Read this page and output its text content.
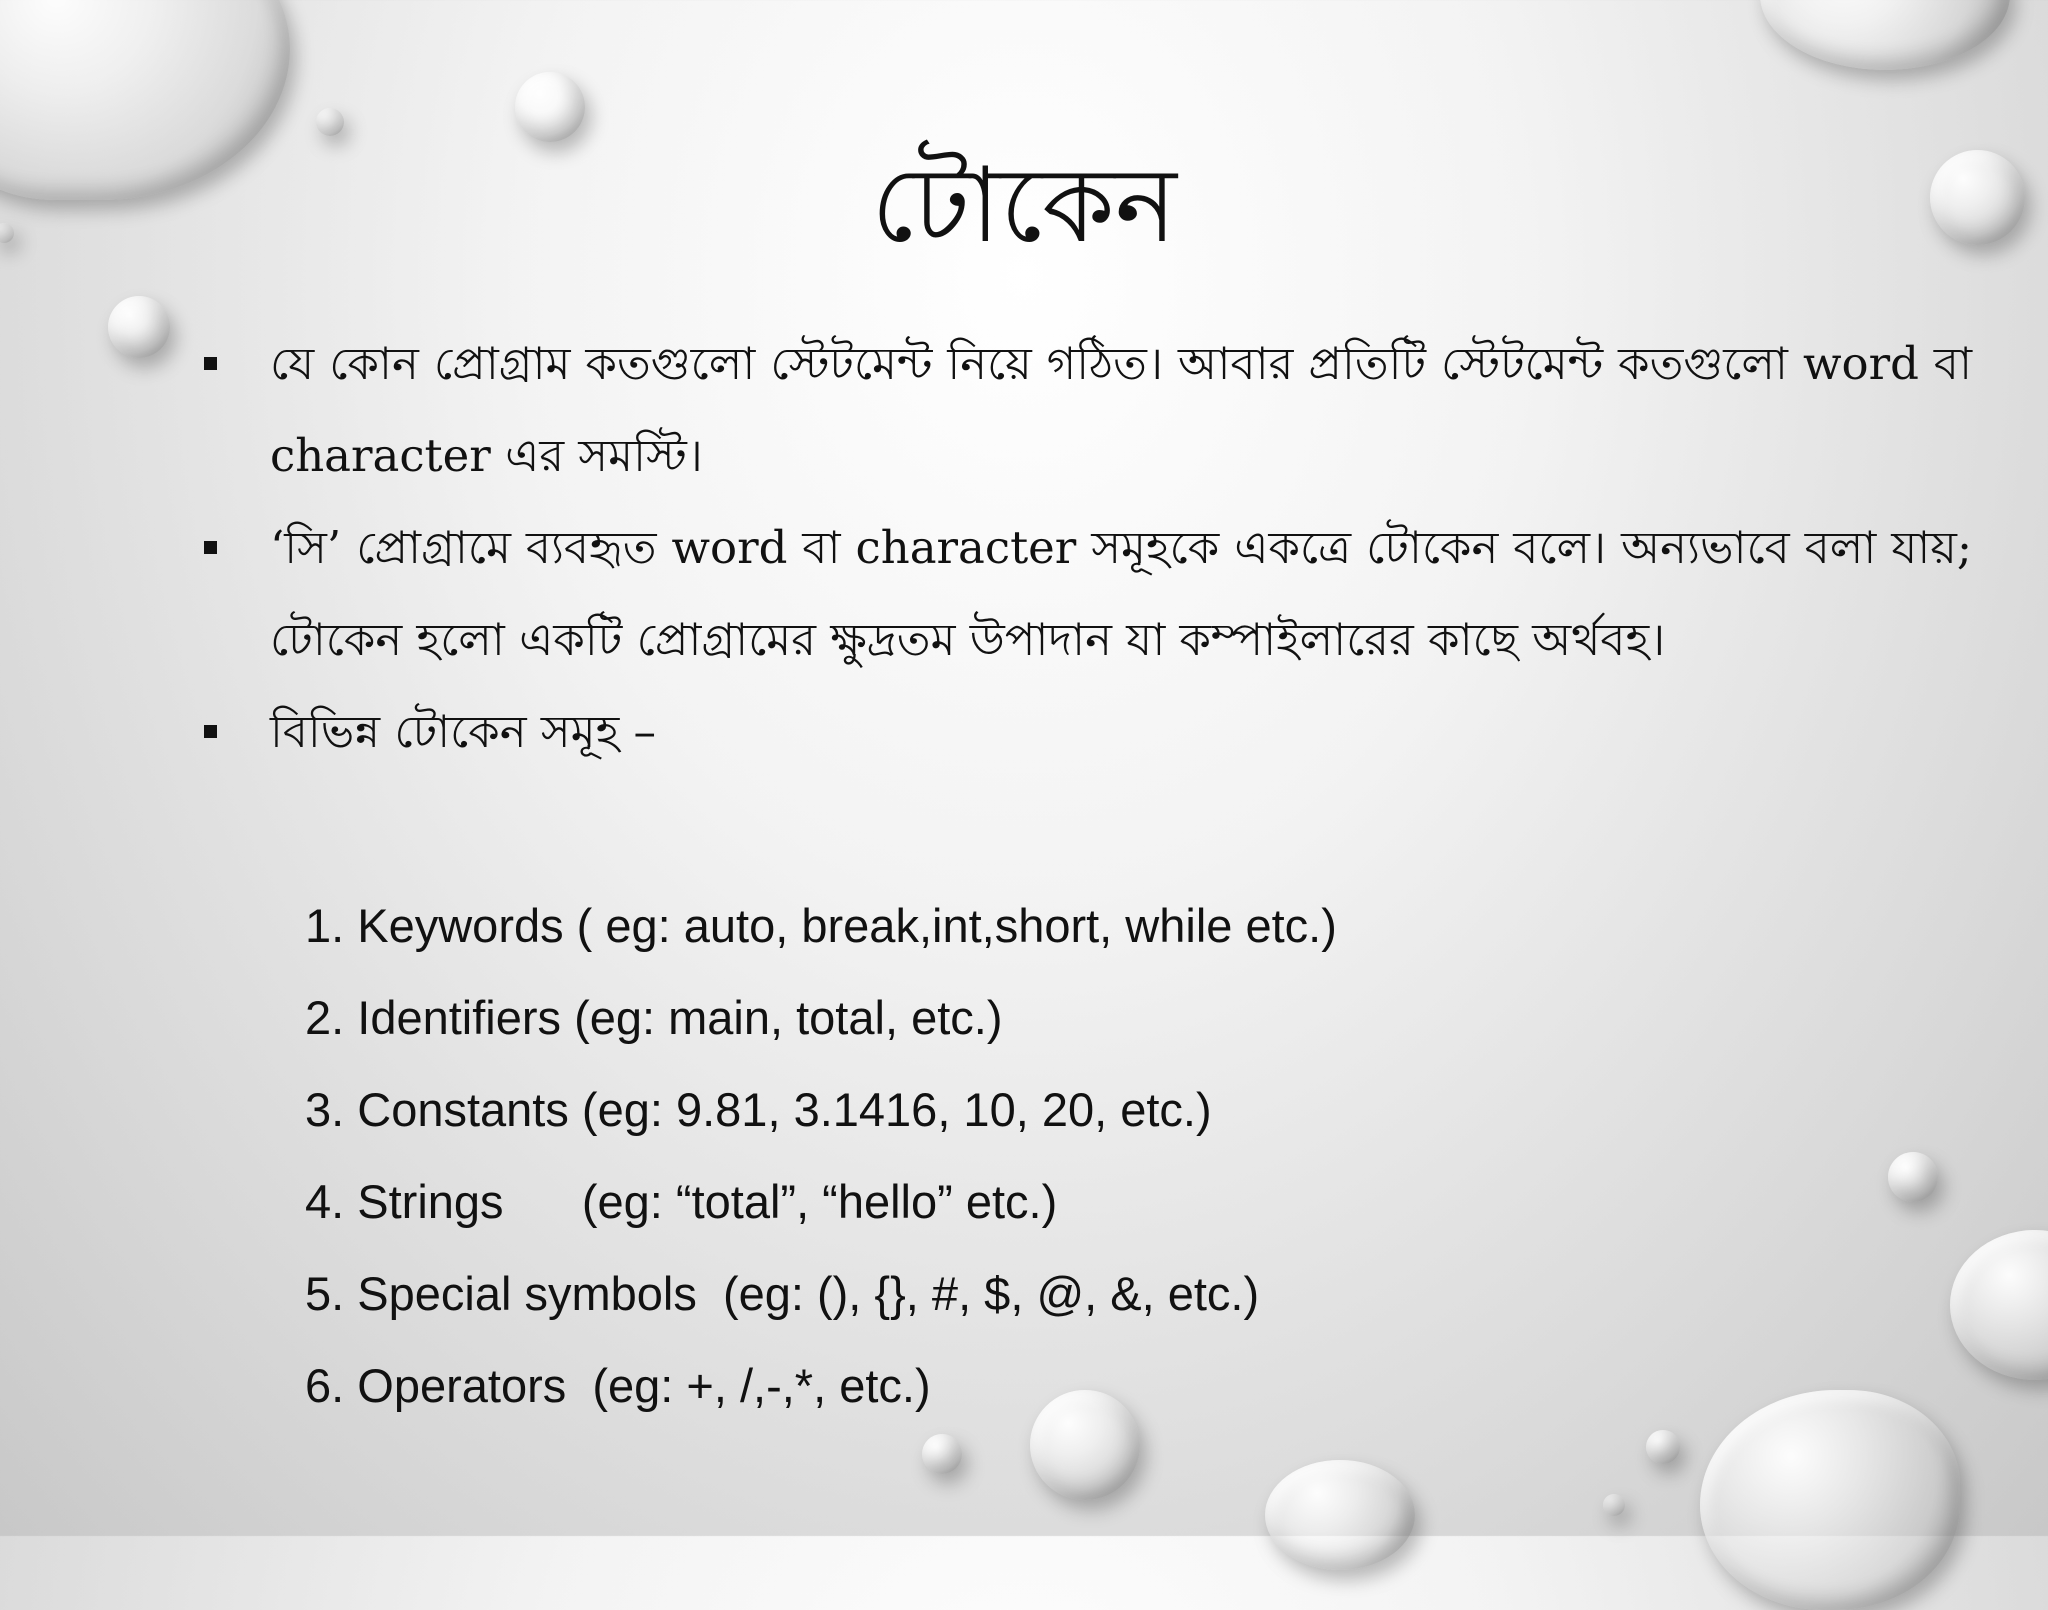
টোকেন

যে কোন প্রোগ্রাম কতগুলো স্টেটমেন্ট নিয়ে গঠিত। আবার প্রতিটি স্টেটমেন্ট কতগুলো word বা character এর সমস্টি।

‘সি’ প্রোগ্রামে ব্যবহৃত word বা character সমূহকে একত্রে টোকেন বলে। অন্যভাবে বলা যায়; টোকেন হলো একটি প্রোগ্রামের ক্ষুদ্রতম উপাদান যা কম্পাইলারের কাছে অর্থবহ।

বিভিন্ন টোকেন সমূহ –

1. Keywords ( eg: auto, break,int,short, while etc.)
2. Identifiers (eg: main, total, etc.)
3. Constants (eg: 9.81, 3.1416, 10, 20, etc.)
4. Strings      (eg: “total”, “hello” etc.)
5. Special symbols  (eg: (), {}, #, $, @, &, etc.)
6. Operators  (eg: +, /,-,*, etc.)
